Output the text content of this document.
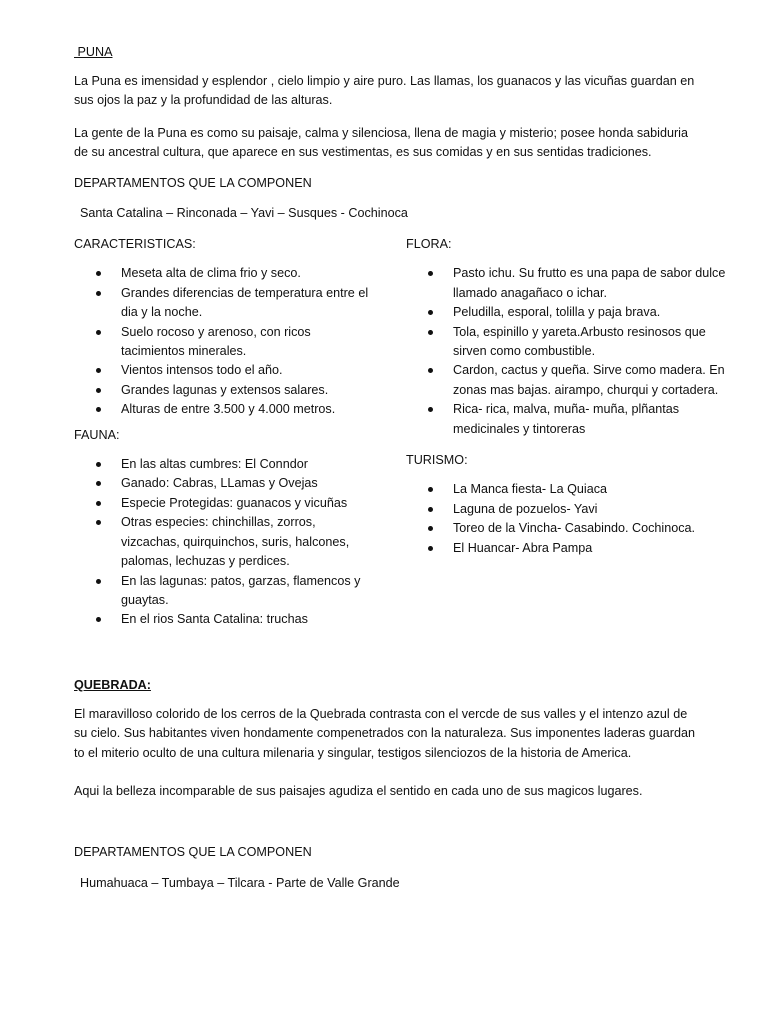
PUNA

La Puna es imensidad y esplendor , cielo limpio y aire puro. Las llamas, los guanacos y las vicuñas guardan en sus ojos la paz y la profundidad de las alturas.

La gente de la Puna es como su paisaje, calma y silenciosa, llena de magia y misterio; posee honda sabiduria de su ancestral cultura, que aparece en sus vestimentas, es sus comidas y en sus sentidas tradiciones.

DEPARTAMENTOS QUE LA COMPONEN
Santa Catalina – Rinconada – Yavi – Susques - Cochinoca
CARACTERISTICAS:
Meseta alta de clima frio y seco.
Grandes diferencias de temperatura entre el dia y la noche.
Suelo rocoso y arenoso, con ricos tacimientos minerales.
Vientos intensos todo el año.
Grandes lagunas y extensos salares.
Alturas de entre 3.500 y 4.000 metros.
FAUNA:
En las altas cumbres: El Conndor
Ganado: Cabras, LLamas y Ovejas
Especie Protegidas: guanacos y vicuñas
Otras especies: chinchillas, zorros, vizcachas, quirquinchos, suris, halcones, palomas, lechuzas y perdices.
En las lagunas: patos, garzas, flamencos y guaytas.
En el rios Santa Catalina: truchas
FLORA:
Pasto ichu. Su frutto es una papa de sabor dulce llamado anagañaco o ichar.
Peludilla, esporal, tolilla y paja brava.
Tola, espinillo y yareta.Arbusto resinosos que sirven como combustible.
Cardon, cactus y queña. Sirve como madera. En zonas mas bajas. airampo, churqui y cortadera.
Rica- rica, malva, muña- muña, plñantas medicinales y tintoreras
TURISMO:
La Manca fiesta- La Quiaca
Laguna de pozuelos- Yavi
Toreo de la Vincha- Casabindo. Cochinoca.
El Huancar- Abra Pampa
QUEBRADA:

El maravilloso colorido de los cerros de la Quebrada contrasta con el vercde de sus valles y el intenzo azul de su cielo. Sus habitantes viven hondamente compenetrados con la naturaleza. Sus imponentes laderas guardan to el miterio oculto de una cultura milenaria y singular, testigos silenciozos de la historia de America.

Aqui la belleza incomparable de sus paisajes agudiza el sentido en cada uno de sus magicos lugares.

DEPARTAMENTOS QUE LA COMPONEN
Humahuaca – Tumbaya – Tilcara - Parte de Valle Grande
